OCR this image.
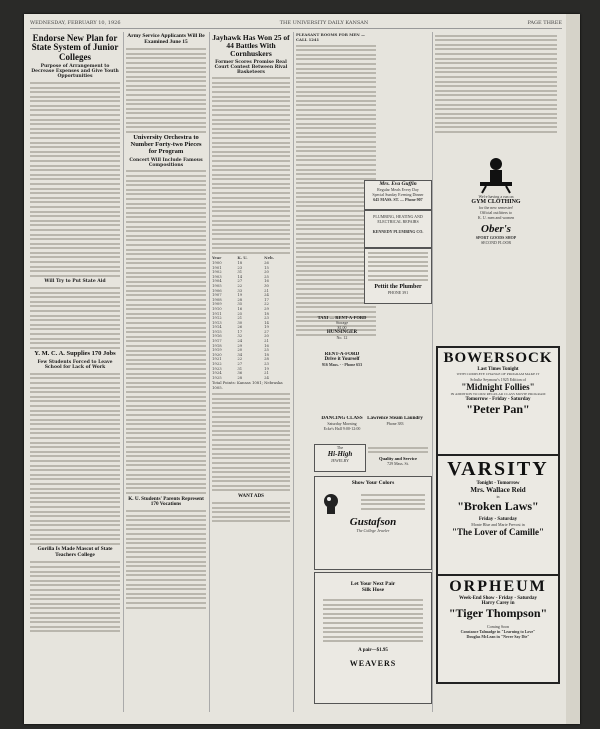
WEDNESDAY, FEBRUARY 10, 1926	THE UNIVERSITY DAILY KANSAN	PAGE THREE
Endorse New Plan for State System of Junior Colleges
Purpose of Arrangement to Decrease Expenses and Give Youth Opportunities
Will Try to Put State Aid
Y. M. C. A. Supplies 170 Jobs
Few Students Forced to Leave School for Lack of Work
Gorilla Is Made Mascot of State Teachers College
Army Service Applicants Will Be Examined June 15
University Orchestra to Number Forty-two Pieces for Program
Concert Will Include Famous Compositions
K. U. Students' Parents Represent 170 Vocations
Jayhawk Has Won 25 of 44 Battles With Cornhuskers
Former Scores Promise Real Court Contest Between Rival Basketeers
Year	K. U.	Neb.
1900	18	26
1901	23	15
1902	31	20
1903	14	25
1904	27	16
1905	22	30
1906	33	21
1907	19	24
1908	28	17
1909	35	22
1910	16	29
1911	25	18
1912	21	23
1913	30	14
1914	26	19
1915	17	27
1916	32	20
1917	24	21
1918	29	16
1919	20	25
1920	34	18
1921	22	28
1922	27	23
1923	31	19
1924	36	21
1925	28	24
Total Points: Kansas 1081; Nebraska 1005.
WANT ADS
PLEASANT ROOMS FOR MEN — CALL 1241
Mrs. Eva Guffin
Regular Meals Every Day
Special Sunday Evening Dinner
645 MASS. ST. — Phone 907
PLUMBING, HEATING AND ELECTRICAL REPAIRS
KENNEDY PLUMBING CO.
Pettit the Plumber
PHONE 391
TAXI — RENT-A-FORD
Storage
$1.00
HUNSINGER
No. 12
RENT-A-FORD
Drive it Yourself
916 Mass. - - Phone 653
DANCING CLASS
Saturday Morning
Ecke's Hall 9:00-12:00
Lawrence Steam Laundry
Phone 383
The
Hi-High
JEWELRY	Quality and Service
729 Mass. St.
Show Your Colors
Gustafson
The College Jeweler
Let Your Next Pair
Silk Hose
A pair—$1.95
WEAVERS
We're having a run on
GYM CLOTHING
for the new semester!
Official outfitters to
K. U. men and women
Ober's
SPORT GOODS SHOP
SECOND FLOOR
BOWERSOCK
Last Times Tonight
WITH COMPLETE CHANGE OF PROGRAM MAKE IT
Schultz Seymour's 1925 Edition of
"Midnight Follies"
IN ADDITION TO OUR REGULAR CLASS MOVIE PROGRAM
Tomorrow - Friday - Saturday
"Peter Pan"
VARSITY
Tonight - Tomorrow
Mrs. Wallace Reid
in
"Broken Laws"
Friday - Saturday
Monte Blue and Marie Prevost in
"The Lover of Camille"
ORPHEUM
Week-End Show - Friday - Saturday
Harry Carey in
"Tiger Thompson"
Coming Soon
Constance Talmadge in "Learning to Love"
Douglas McLean in "Never Say Die"
